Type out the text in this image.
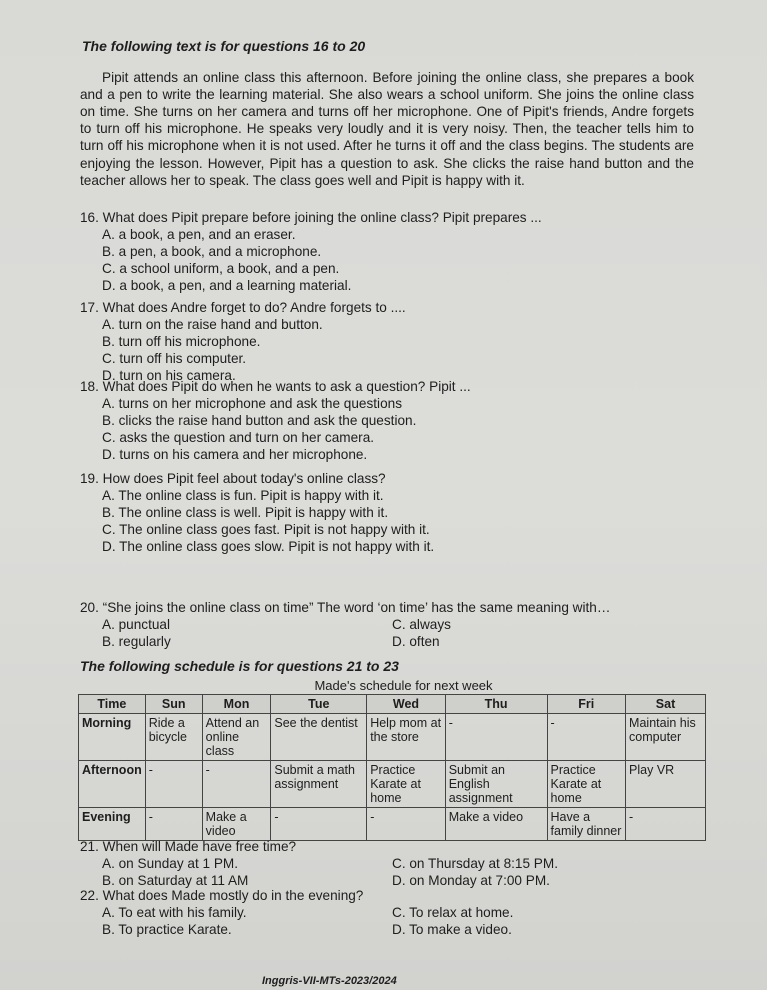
The following text is for questions 16 to 20

Pipit attends an online class this afternoon. Before joining the online class, she prepares a book and a pen to write the learning material. She also wears a school uniform. She joins the online class on time. She turns on her camera and turns off her microphone. One of Pipit's friends, Andre forgets to turn off his microphone. He speaks very loudly and it is very noisy. Then, the teacher tells him to turn off his microphone when it is not used. After he turns it off and the class begins. The students are enjoying the lesson. However, Pipit has a question to ask. She clicks the raise hand button and the teacher allows her to speak. The class goes well and Pipit is happy with it.

16. What does Pipit prepare before joining the online class? Pipit prepares ...

A. a book, a pen, and an eraser.
B. a pen, a book, and a microphone.
C. a school uniform, a book, and a pen.
D. a book, a pen, and a learning material.

17. What does Andre forget to do? Andre forgets to ....

A. turn on the raise hand and button.
B. turn off his microphone.
C. turn off his computer.
D. turn on his camera.

18. What does Pipit do when he wants to ask a question? Pipit ...

A. turns on her microphone and ask the questions
B. clicks the raise hand button and ask the question.
C. asks the question and turn on her camera.
D. turns on his camera and her microphone.

19. How does Pipit feel about today's online class?

A. The online class is fun. Pipit is happy with it.
B. The online class is well. Pipit is happy with it.
C. The online class goes fast. Pipit is not happy with it.
D. The online class goes slow. Pipit is not happy with it.

20. “She joins the online class on time” The word ‘on time’ has the same meaning with…

A. punctual	C. always
B. regularly	D. often
The following schedule is for questions 21 to 23
Made's schedule for next week
Time	Sun	Mon	Tue	Wed	Thu	Fri	Sat
Morning	Ride a bicycle	Attend an online class	See the dentist	Help mom at the store	-	-	Maintain his computer
Afternoon	-	-	Submit a math assignment	Practice Karate at home	Submit an English assignment	Practice Karate at home	Play VR
Evening	-	Make a video	-	-	Make a video	Have a family dinner	-

21. When will Made have free time?

A. on Sunday at 1 PM.	C. on Thursday at 8:15 PM.
B. on Saturday at 11 AM	D. on Monday at 7:00 PM.

22. What does Made mostly do in the evening?

A. To eat with his family.	C. To relax at home.
B. To practice Karate.	D. To make a video.
Inggris-VII-MTs-2023/2024
